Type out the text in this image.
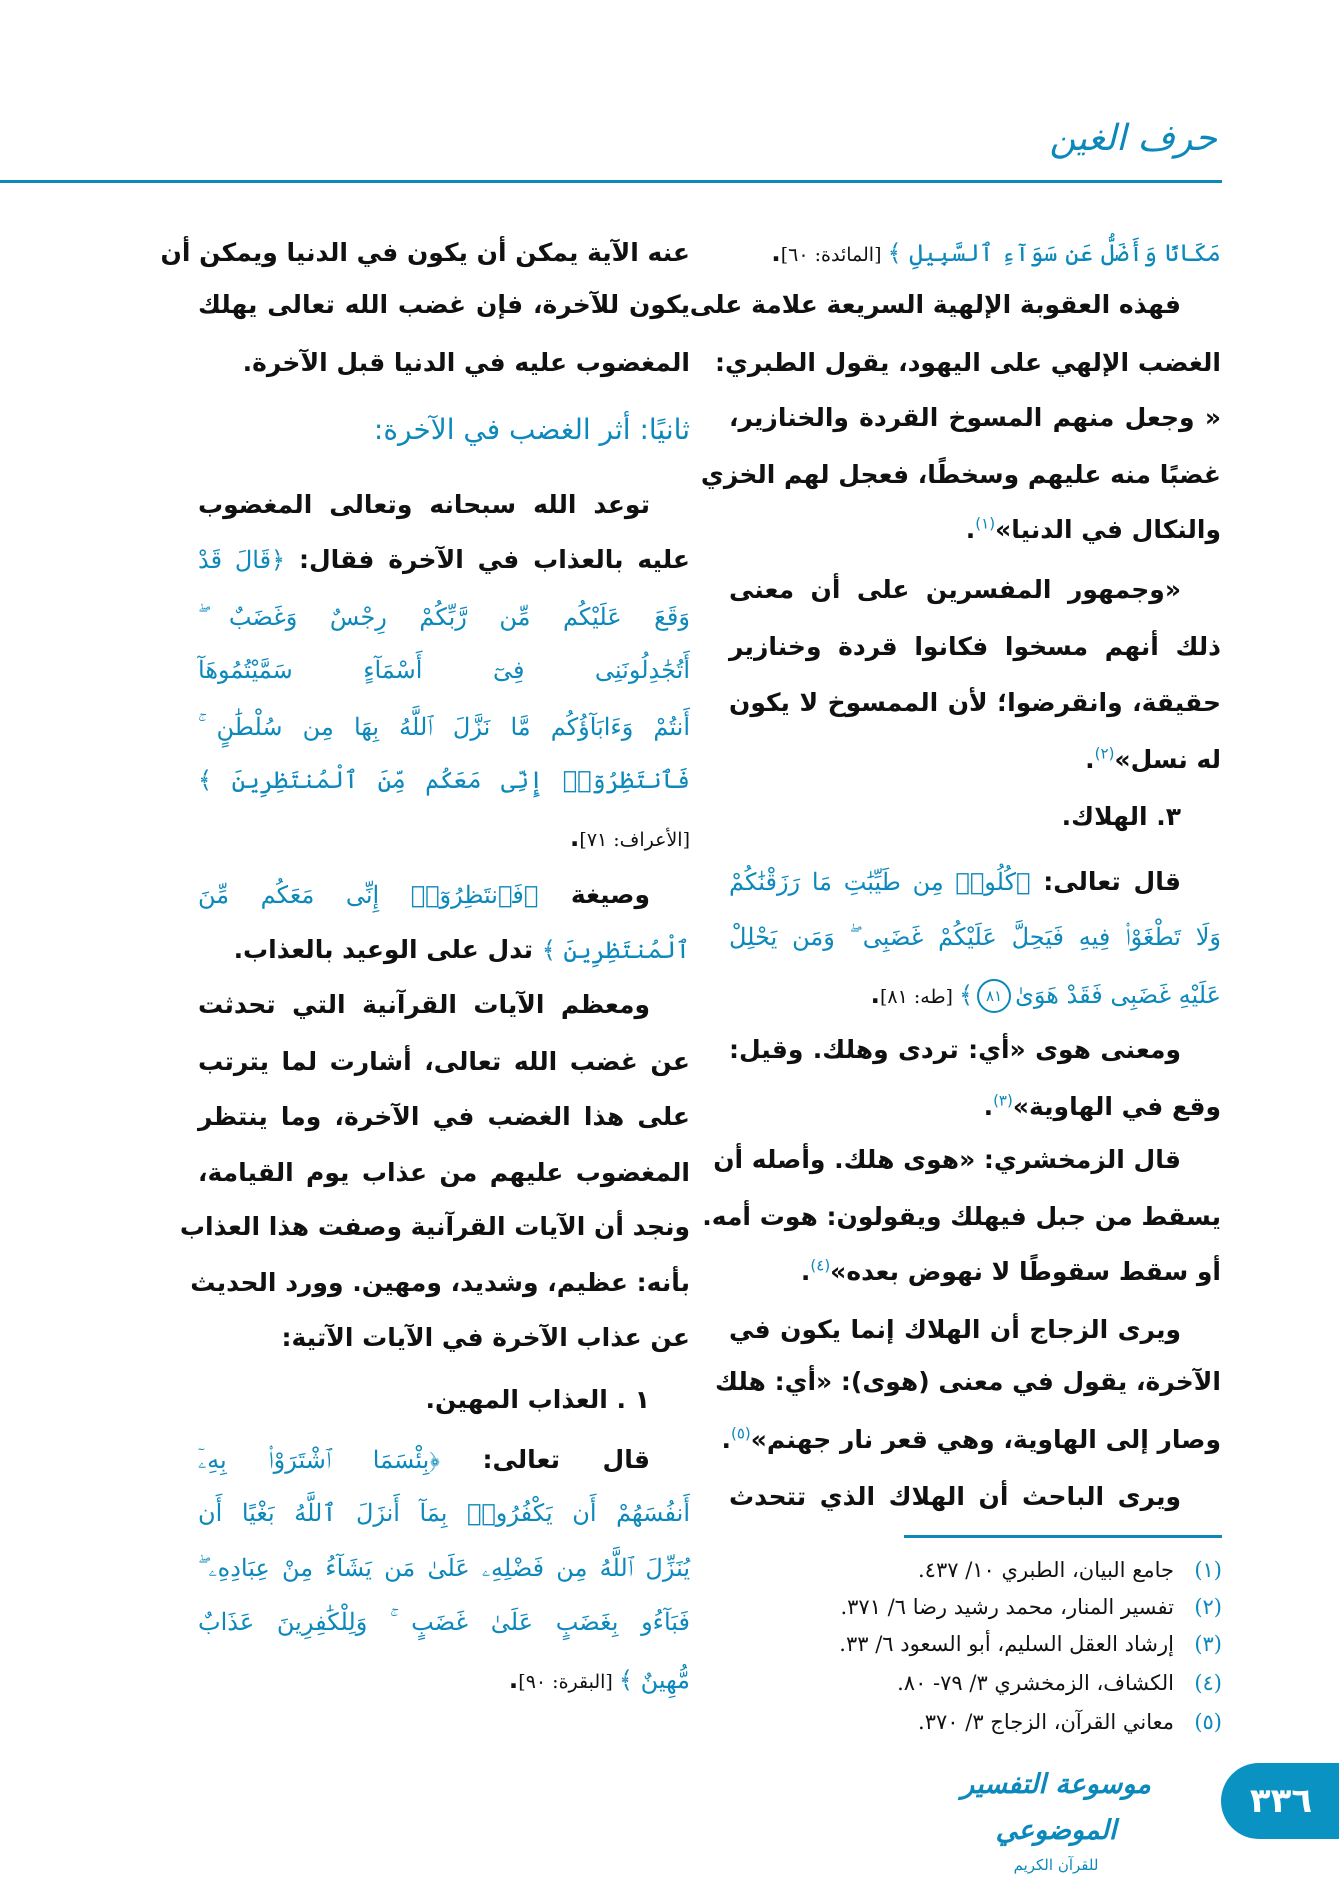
حرف الغين
مَكَانًا وَأَضَلُّ عَن سَوَآءِ ٱلسَّبِيلِ ﴾ [المائدة: ٦٠].
فهذه العقوبة الإلهية السريعة علامة على
الغضب الإلهي على اليهود، يقول الطبري:
« وجعل منهم المسوخ القردة والخنازير،
غضبًا منه عليهم وسخطًا، فعجل لهم الخزي
والنكال في الدنيا»$^{(١)}$.
«وجمهور المفسرين على أن معنى
ذلك أنهم مسخوا فكانوا قردة وخنازير
حقيقة، وانقرضوا؛ لأن الممسوخ لا يكون
له نسل»$^{(٢)}$.
٣. الهلاك.
قال تعالى: ﴿كُلُوا۟ مِن طَيِّبَٰتِ مَا رَزَقْنَٰكُمْ
وَلَا تَطْغَوْا۟ فِيهِ فَيَحِلَّ عَلَيْكُمْ غَضَبِى ۖ وَمَن يَحْلِلْ
عَلَيْهِ غَضَبِى فَقَدْ هَوَىٰ٨١﴾ [طه: ٨١].
ومعنى هوى «أي: تردى وهلك. وقيل:
وقع في الهاوية»$^{(٣)}$.
قال الزمخشري: «هوى هلك. وأصله أن
يسقط من جبل فيهلك ويقولون: هوت أمه.
أو سقط سقوطًا لا نهوض بعده»$^{(٤)}$.
ويرى الزجاج أن الهلاك إنما يكون في
الآخرة، يقول في معنى (هوى): «أي: هلك
وصار إلى الهاوية، وهي قعر نار جهنم»$^{(٥)}$.
ويرى الباحث أن الهلاك الذي تتحدث
عنه الآية يمكن أن يكون في الدنيا ويمكن أن
يكون للآخرة، فإن غضب الله تعالى يهلك
المغضوب عليه في الدنيا قبل الآخرة.
ثانيًا: أثر الغضب في الآخرة:
توعد الله سبحانه وتعالى المغضوب
عليه بالعذاب في الآخرة فقال: ﴿قَالَ قَدْ
وَقَعَ عَلَيْكُم مِّن رَّبِّكُمْ رِجْسٌ وَغَضَبٌ ۖ
أَتُجَٰدِلُونَنِى فِىٓ أَسْمَآءٍ سَمَّيْتُمُوهَآ
أَنتُمْ وَءَابَآؤُكُم مَّا نَزَّلَ ٱللَّهُ بِهَا مِن سُلْطَٰنٍ ۚ
فَٱنتَظِرُوٓا۟ إِنِّى مَعَكُم مِّنَ ٱلْمُنتَظِرِينَ ﴾
[الأعراف: ٧١].
وصيغة ﴿فَٱنتَظِرُوٓا۟ إِنِّى مَعَكُم مِّنَ
ٱلْمُنتَظِرِينَ ﴾ تدل على الوعيد بالعذاب.
ومعظم الآيات القرآنية التي تحدثت
عن غضب الله تعالى، أشارت لما يترتب
على هذا الغضب في الآخرة، وما ينتظر
المغضوب عليهم من عذاب يوم القيامة،
ونجد أن الآيات القرآنية وصفت هذا العذاب
بأنه: عظيم، وشديد، ومهين. وورد الحديث
عن عذاب الآخرة في الآيات الآتية:
١ . العذاب المهين.
قال تعالى: ﴿بِئْسَمَا ٱشْتَرَوْا۟ بِهِۦٓ
أَنفُسَهُمْ أَن يَكْفُرُوا۟ بِمَآ أَنزَلَ ٱللَّهُ بَغْيًا أَن
يُنَزِّلَ ٱللَّهُ مِن فَضْلِهِۦ عَلَىٰ مَن يَشَآءُ مِنْ عِبَادِهِۦ ۖ
فَبَآءُو بِغَضَبٍ عَلَىٰ غَضَبٍ ۚ وَلِلْكَٰفِرِينَ عَذَابٌ
مُّهِينٌ ﴾ [البقرة: ٩٠].
(١)جامع البيان، الطبري ١٠/ ٤٣٧.
(٢)تفسير المنار، محمد رشيد رضا ٦/ ٣٧١.
(٣)إرشاد العقل السليم، أبو السعود ٦/ ٣٣.
(٤)الكشاف، الزمخشري ٣/ ٧٩- ٨٠.
(٥)معاني القرآن، الزجاج ٣/ ٣٧٠.
موسوعة التفسير الموضوعي
للقرآن الكريم
٣٣٦
